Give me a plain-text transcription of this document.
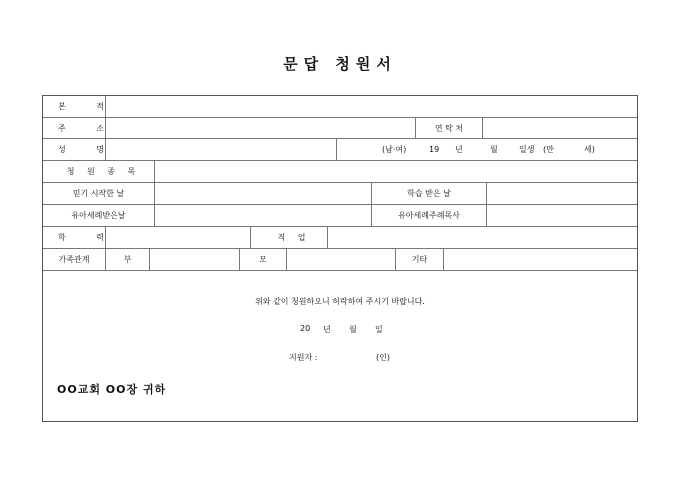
문답 청원서
본 적
주 소	연 탁 처
성 명	(남·여)	19 년	월	일생 (만	세)
청 원 종 목
믿기 시작한 날	학습 받은 날
유아세례받은날	유아세례주례목사
학 력	직 업
가족관계	부	모	기타
위와 같이 청원하오니 허락하여 주시기 바랍니다.
20 년 월 일
지원자 :	(인)
OO교회 OO장 귀하
